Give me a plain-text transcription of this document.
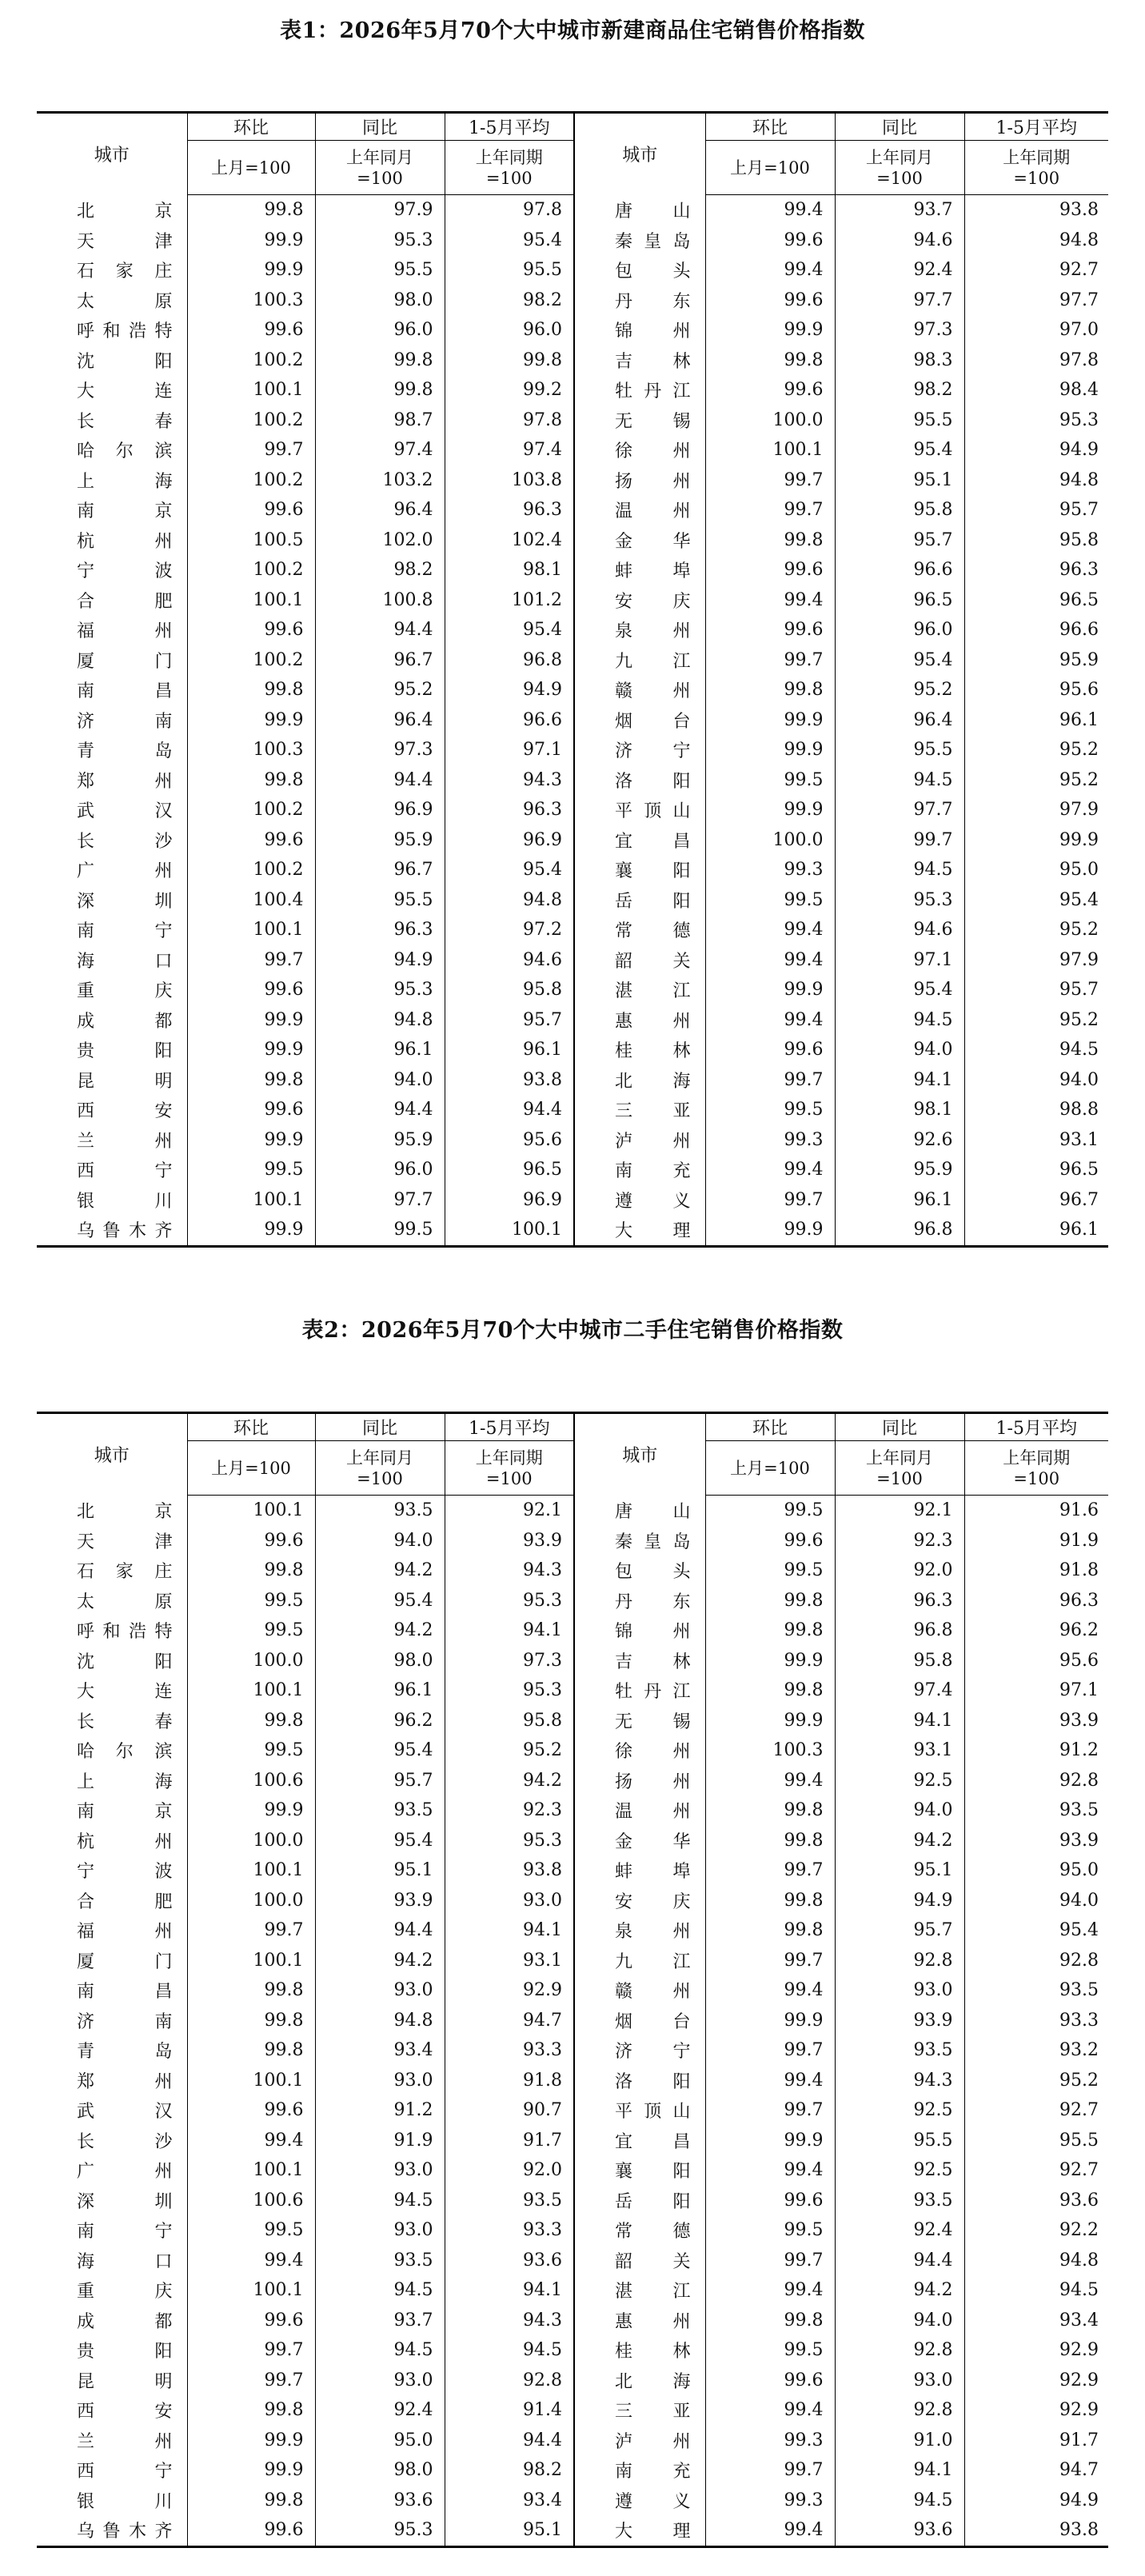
表1：2026年5月70个大中城市新建商品住宅销售价格指数
城市	环比	同比	1-5月平均	城市	环比	同比	1-5月平均
	上月=100	上年同月=100	上年同期=100		上月=100	上年同月=100	上年同期=100
北京	99.8	97.9	97.8	唐山	99.4	93.7	93.8
天津	99.9	95.3	95.4	秦皇岛	99.6	94.6	94.8
石家庄	99.9	95.5	95.5	包头	99.4	92.4	92.7
太原	100.3	98.0	98.2	丹东	99.6	97.7	97.7
呼和浩特	99.6	96.0	96.0	锦州	99.9	97.3	97.0
沈阳	100.2	99.8	99.8	吉林	99.8	98.3	97.8
大连	100.1	99.8	99.2	牡丹江	99.6	98.2	98.4
长春	100.2	98.7	97.8	无锡	100.0	95.5	95.3
哈尔滨	99.7	97.4	97.4	徐州	100.1	95.4	94.9
上海	100.2	103.2	103.8	扬州	99.7	95.1	94.8
南京	99.6	96.4	96.3	温州	99.7	95.8	95.7
杭州	100.5	102.0	102.4	金华	99.8	95.7	95.8
宁波	100.2	98.2	98.1	蚌埠	99.6	96.6	96.3
合肥	100.1	100.8	101.2	安庆	99.4	96.5	96.5
福州	99.6	94.4	95.4	泉州	99.6	96.0	96.6
厦门	100.2	96.7	96.8	九江	99.7	95.4	95.9
南昌	99.8	95.2	94.9	赣州	99.8	95.2	95.6
济南	99.9	96.4	96.6	烟台	99.9	96.4	96.1
青岛	100.3	97.3	97.1	济宁	99.9	95.5	95.2
郑州	99.8	94.4	94.3	洛阳	99.5	94.5	95.2
武汉	100.2	96.9	96.3	平顶山	99.9	97.7	97.9
长沙	99.6	95.9	96.9	宜昌	100.0	99.7	99.9
广州	100.2	96.7	95.4	襄阳	99.3	94.5	95.0
深圳	100.4	95.5	94.8	岳阳	99.5	95.3	95.4
南宁	100.1	96.3	97.2	常德	99.4	94.6	95.2
海口	99.7	94.9	94.6	韶关	99.4	97.1	97.9
重庆	99.6	95.3	95.8	湛江	99.9	95.4	95.7
成都	99.9	94.8	95.7	惠州	99.4	94.5	95.2
贵阳	99.9	96.1	96.1	桂林	99.6	94.0	94.5
昆明	99.8	94.0	93.8	北海	99.7	94.1	94.0
西安	99.6	94.4	94.4	三亚	99.5	98.1	98.8
兰州	99.9	95.9	95.6	泸州	99.3	92.6	93.1
西宁	99.5	96.0	96.5	南充	99.4	95.9	96.5
银川	100.1	97.7	96.9	遵义	99.7	96.1	96.7
乌鲁木齐	99.9	99.5	100.1	大理	99.9	96.8	96.1
表2：2026年5月70个大中城市二手住宅销售价格指数
城市	环比	同比	1-5月平均	城市	环比	同比	1-5月平均
	上月=100	上年同月=100	上年同期=100		上月=100	上年同月=100	上年同期=100
北京	100.1	93.5	92.1	唐山	99.5	92.1	91.6
天津	99.6	94.0	93.9	秦皇岛	99.6	92.3	91.9
石家庄	99.8	94.2	94.3	包头	99.5	92.0	91.8
太原	99.5	95.4	95.3	丹东	99.8	96.3	96.3
呼和浩特	99.5	94.2	94.1	锦州	99.8	96.8	96.2
沈阳	100.0	98.0	97.3	吉林	99.9	95.8	95.6
大连	100.1	96.1	95.3	牡丹江	99.8	97.4	97.1
长春	99.8	96.2	95.8	无锡	99.9	94.1	93.9
哈尔滨	99.5	95.4	95.2	徐州	100.3	93.1	91.2
上海	100.6	95.7	94.2	扬州	99.4	92.5	92.8
南京	99.9	93.5	92.3	温州	99.8	94.0	93.5
杭州	100.0	95.4	95.3	金华	99.8	94.2	93.9
宁波	100.1	95.1	93.8	蚌埠	99.7	95.1	95.0
合肥	100.0	93.9	93.0	安庆	99.8	94.9	94.0
福州	99.7	94.4	94.1	泉州	99.8	95.7	95.4
厦门	100.1	94.2	93.1	九江	99.7	92.8	92.8
南昌	99.8	93.0	92.9	赣州	99.4	93.0	93.5
济南	99.8	94.8	94.7	烟台	99.9	93.9	93.3
青岛	99.8	93.4	93.3	济宁	99.7	93.5	93.2
郑州	100.1	93.0	91.8	洛阳	99.4	94.3	95.2
武汉	99.6	91.2	90.7	平顶山	99.7	92.5	92.7
长沙	99.4	91.9	91.7	宜昌	99.9	95.5	95.5
广州	100.1	93.0	92.0	襄阳	99.4	92.5	92.7
深圳	100.6	94.5	93.5	岳阳	99.6	93.5	93.6
南宁	99.5	93.0	93.3	常德	99.5	92.4	92.2
海口	99.4	93.5	93.6	韶关	99.7	94.4	94.8
重庆	100.1	94.5	94.1	湛江	99.4	94.2	94.5
成都	99.6	93.7	94.3	惠州	99.8	94.0	93.4
贵阳	99.7	94.5	94.5	桂林	99.5	92.8	92.9
昆明	99.7	93.0	92.8	北海	99.6	93.0	92.9
西安	99.8	92.4	91.4	三亚	99.4	92.8	92.9
兰州	99.9	95.0	94.4	泸州	99.3	91.0	91.7
西宁	99.9	98.0	98.2	南充	99.7	94.1	94.7
银川	99.8	93.6	93.4	遵义	99.3	94.5	94.9
乌鲁木齐	99.6	95.3	95.1	大理	99.4	93.6	93.8
